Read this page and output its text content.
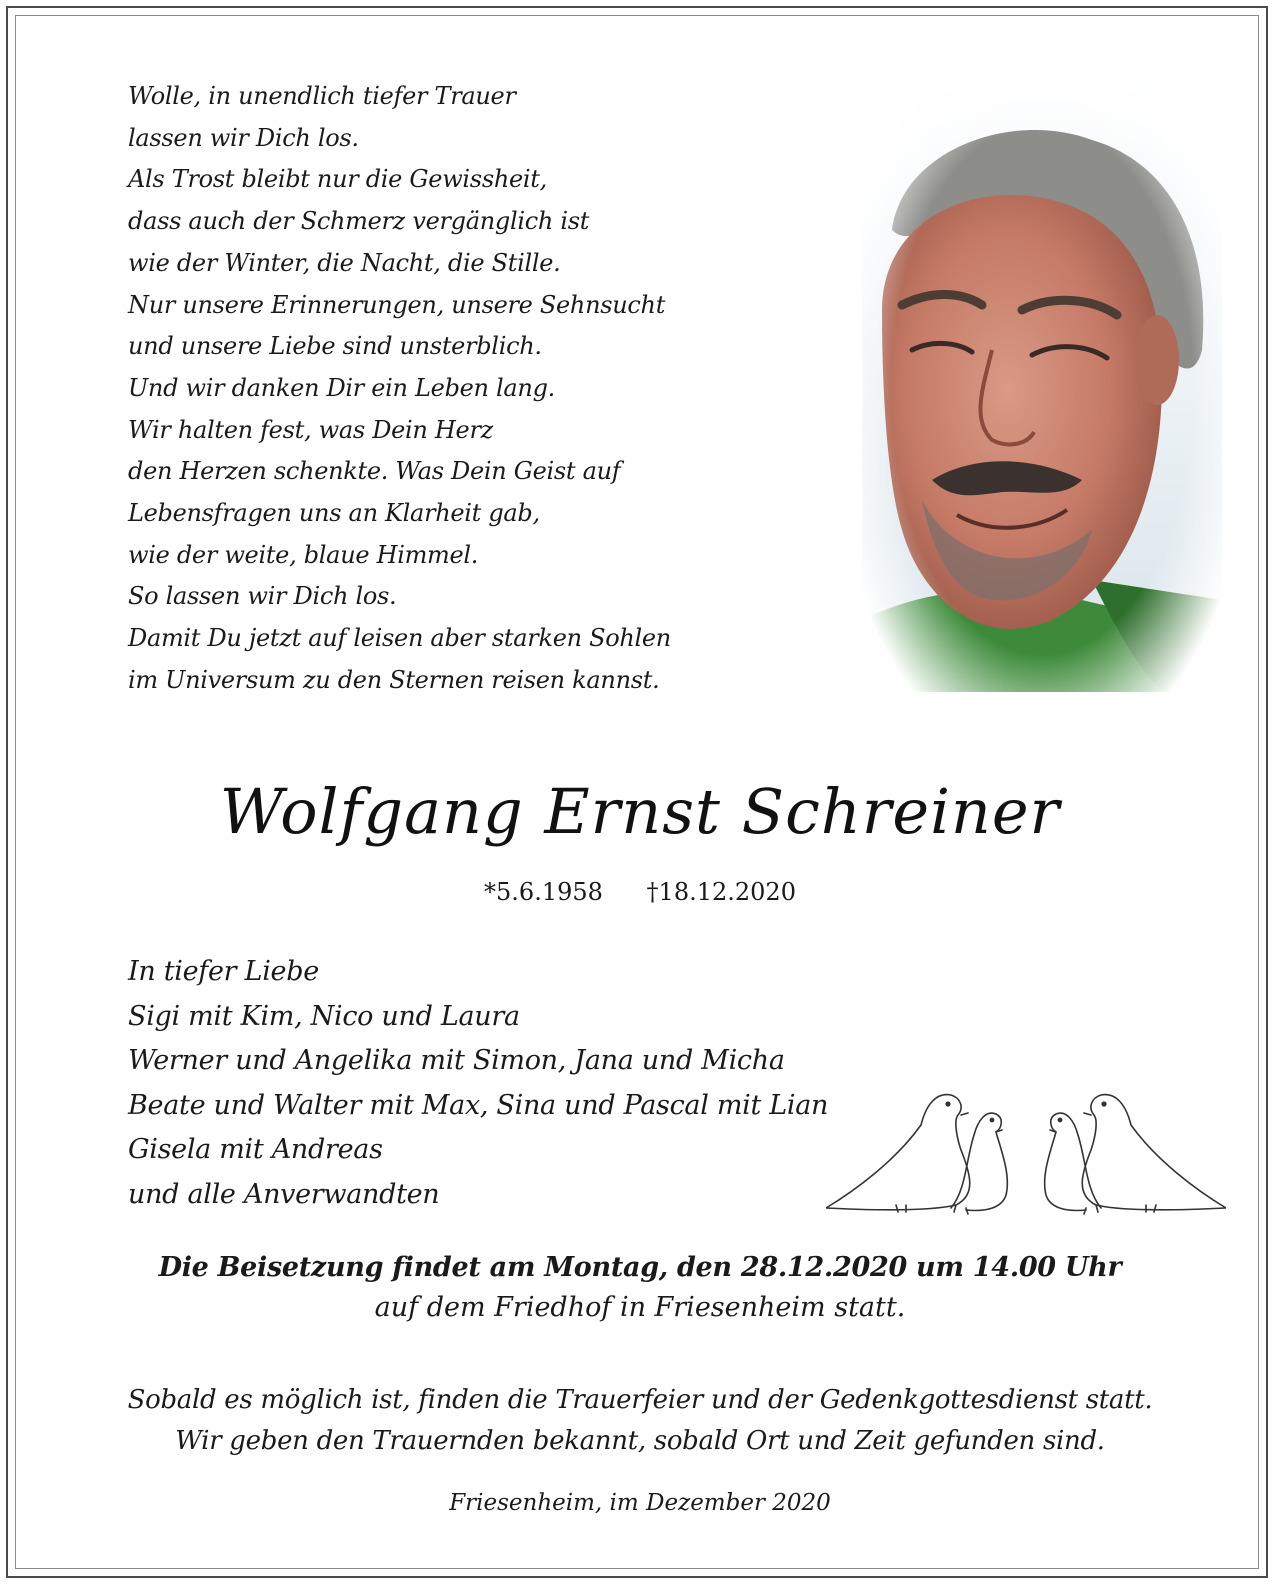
Wolle, in unendlich tiefer Trauer
lassen wir Dich los.
Als Trost bleibt nur die Gewissheit,
dass auch der Schmerz vergänglich ist
wie der Winter, die Nacht, die Stille.
Nur unsere Erinnerungen, unsere Sehnsucht
und unsere Liebe sind unsterblich.
Und wir danken Dir ein Leben lang.
Wir halten fest, was Dein Herz
den Herzen schenkte. Was Dein Geist auf
Lebensfragen uns an Klarheit gab,
wie der weite, blaue Himmel.
So lassen wir Dich los.
Damit Du jetzt auf leisen aber starken Sohlen
im Universum zu den Sternen reisen kannst.
Wolfgang Ernst Schreiner
*5.6.1958 †18.12.2020
In tiefer Liebe
Sigi mit Kim, Nico und Laura
Werner und Angelika mit Simon, Jana und Micha
Beate und Walter mit Max, Sina und Pascal mit Lian
Gisela mit Andreas
und alle Anverwandten
Die Beisetzung findet am Montag, den 28.12.2020 um 14.00 Uhr
auf dem Friedhof in Friesenheim statt.
Sobald es möglich ist, finden die Trauerfeier und der Gedenkgottesdienst statt.
Wir geben den Trauernden bekannt, sobald Ort und Zeit gefunden sind.
Friesenheim, im Dezember 2020
